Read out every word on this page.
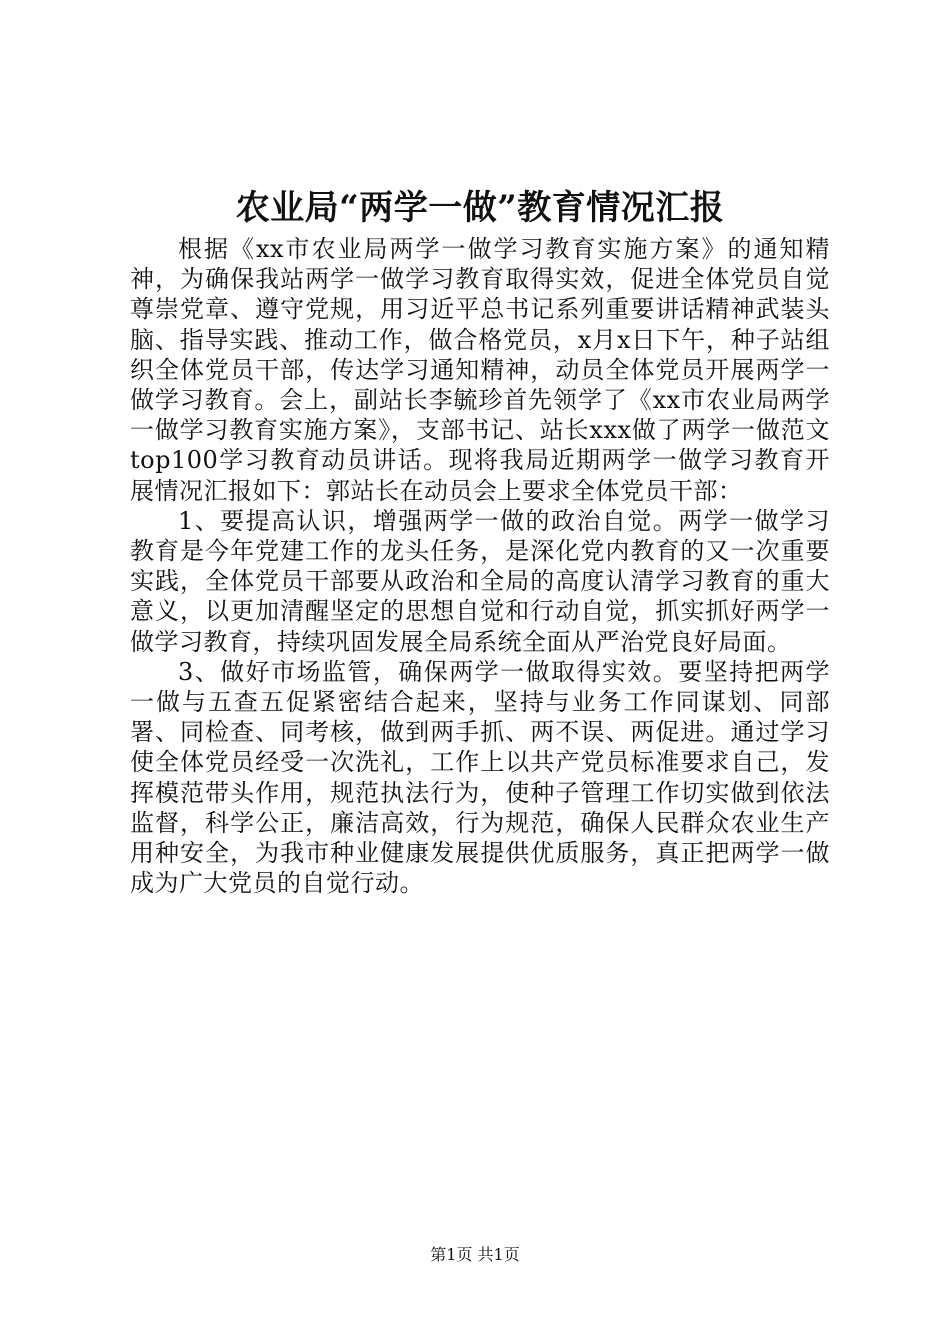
农业局“两学一做”教育情况汇报

根据《xx市农业局两学一做学习教育实施方案》的通知精神，为确保我站两学一做学习教育取得实效，促进全体党员自觉尊崇党章、遵守党规，用习近平总书记系列重要讲话精神武装头脑、指导实践、推动工作，做合格党员，x月x日下午，种子站组织全体党员干部，传达学习通知精神，动员全体党员开展两学一做学习教育。会上，副站长李毓珍首先领学了《xx市农业局两学一做学习教育实施方案》，支部书记、站长xxx做了两学一做范文top100学习教育动员讲话。现将我局近期两学一做学习教育开展情况汇报如下：郭站长在动员会上要求全体党员干部：

1、要提高认识，增强两学一做的政治自觉。两学一做学习教育是今年党建工作的龙头任务，是深化党内教育的又一次重要实践，全体党员干部要从政治和全局的高度认清学习教育的重大意义，以更加清醒坚定的思想自觉和行动自觉，抓实抓好两学一做学习教育，持续巩固发展全局系统全面从严治党良好局面。

3、做好市场监管，确保两学一做取得实效。要坚持把两学一做与五查五促紧密结合起来，坚持与业务工作同谋划、同部署、同检查、同考核，做到两手抓、两不误、两促进。通过学习使全体党员经受一次洗礼，工作上以共产党员标准要求自己，发挥模范带头作用，规范执法行为，使种子管理工作切实做到依法监督，科学公正，廉洁高效，行为规范，确保人民群众农业生产用种安全，为我市种业健康发展提供优质服务，真正把两学一做成为广大党员的自觉行动。

第1页 共1页
